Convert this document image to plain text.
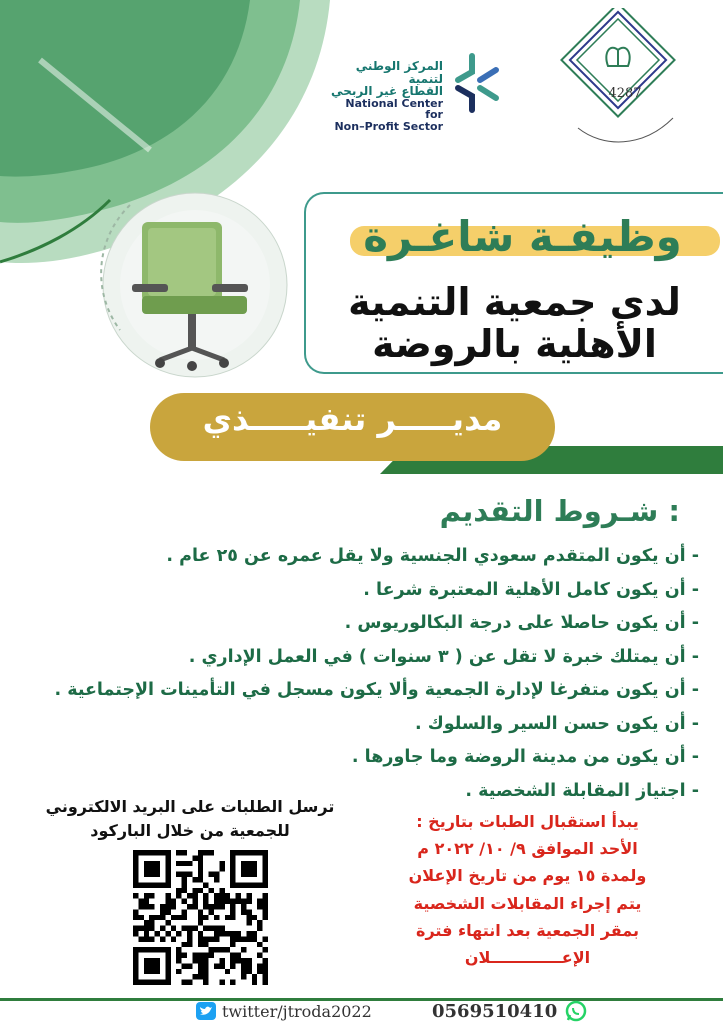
المركز الوطني لتنمية
القطاع غير الربحي
National Center for
Non–Profit Sector
4287
وظيفـة شاغـرة
لدى جمعية التنمية الأهلية بالروضة
مديـــــر تنفيـــــذي
شـروط التقديم :
- أن يكون المتقدم سعودي الجنسية ولا يقل عمره عن ٢٥ عام .
- أن يكون كامل الأهلية المعتبرة شرعا .
- أن يكون حاصلا على درجة البكالوريوس .
- أن يمتلك خبرة لا تقل عن ( ٣ سنوات ) في العمل الإداري .
- أن يكون متفرغا لإدارة الجمعية وألا يكون مسجل في التأمينات الإجتماعية .
- أن يكون حسن السير والسلوك .
- أن يكون من مدينة الروضة وما جاورها .
- اجتياز المقابلة الشخصية .
ترسل الطلبات على البريد الالكتروني
للجمعية من خلال الباركود	يبدأ استقبال الطبات بتاريخ :
الأحد الموافق ٩/ ١٠/ ٢٠٢٢ م
ولمدة ١٥ يوم من تاريخ الإعلان
يتم إجراء المقابلات الشخصية
بمقر الجمعية بعد انتهاء فترة
الإعـــــــــــــلان
twitter/jtroda2022	0569510410
